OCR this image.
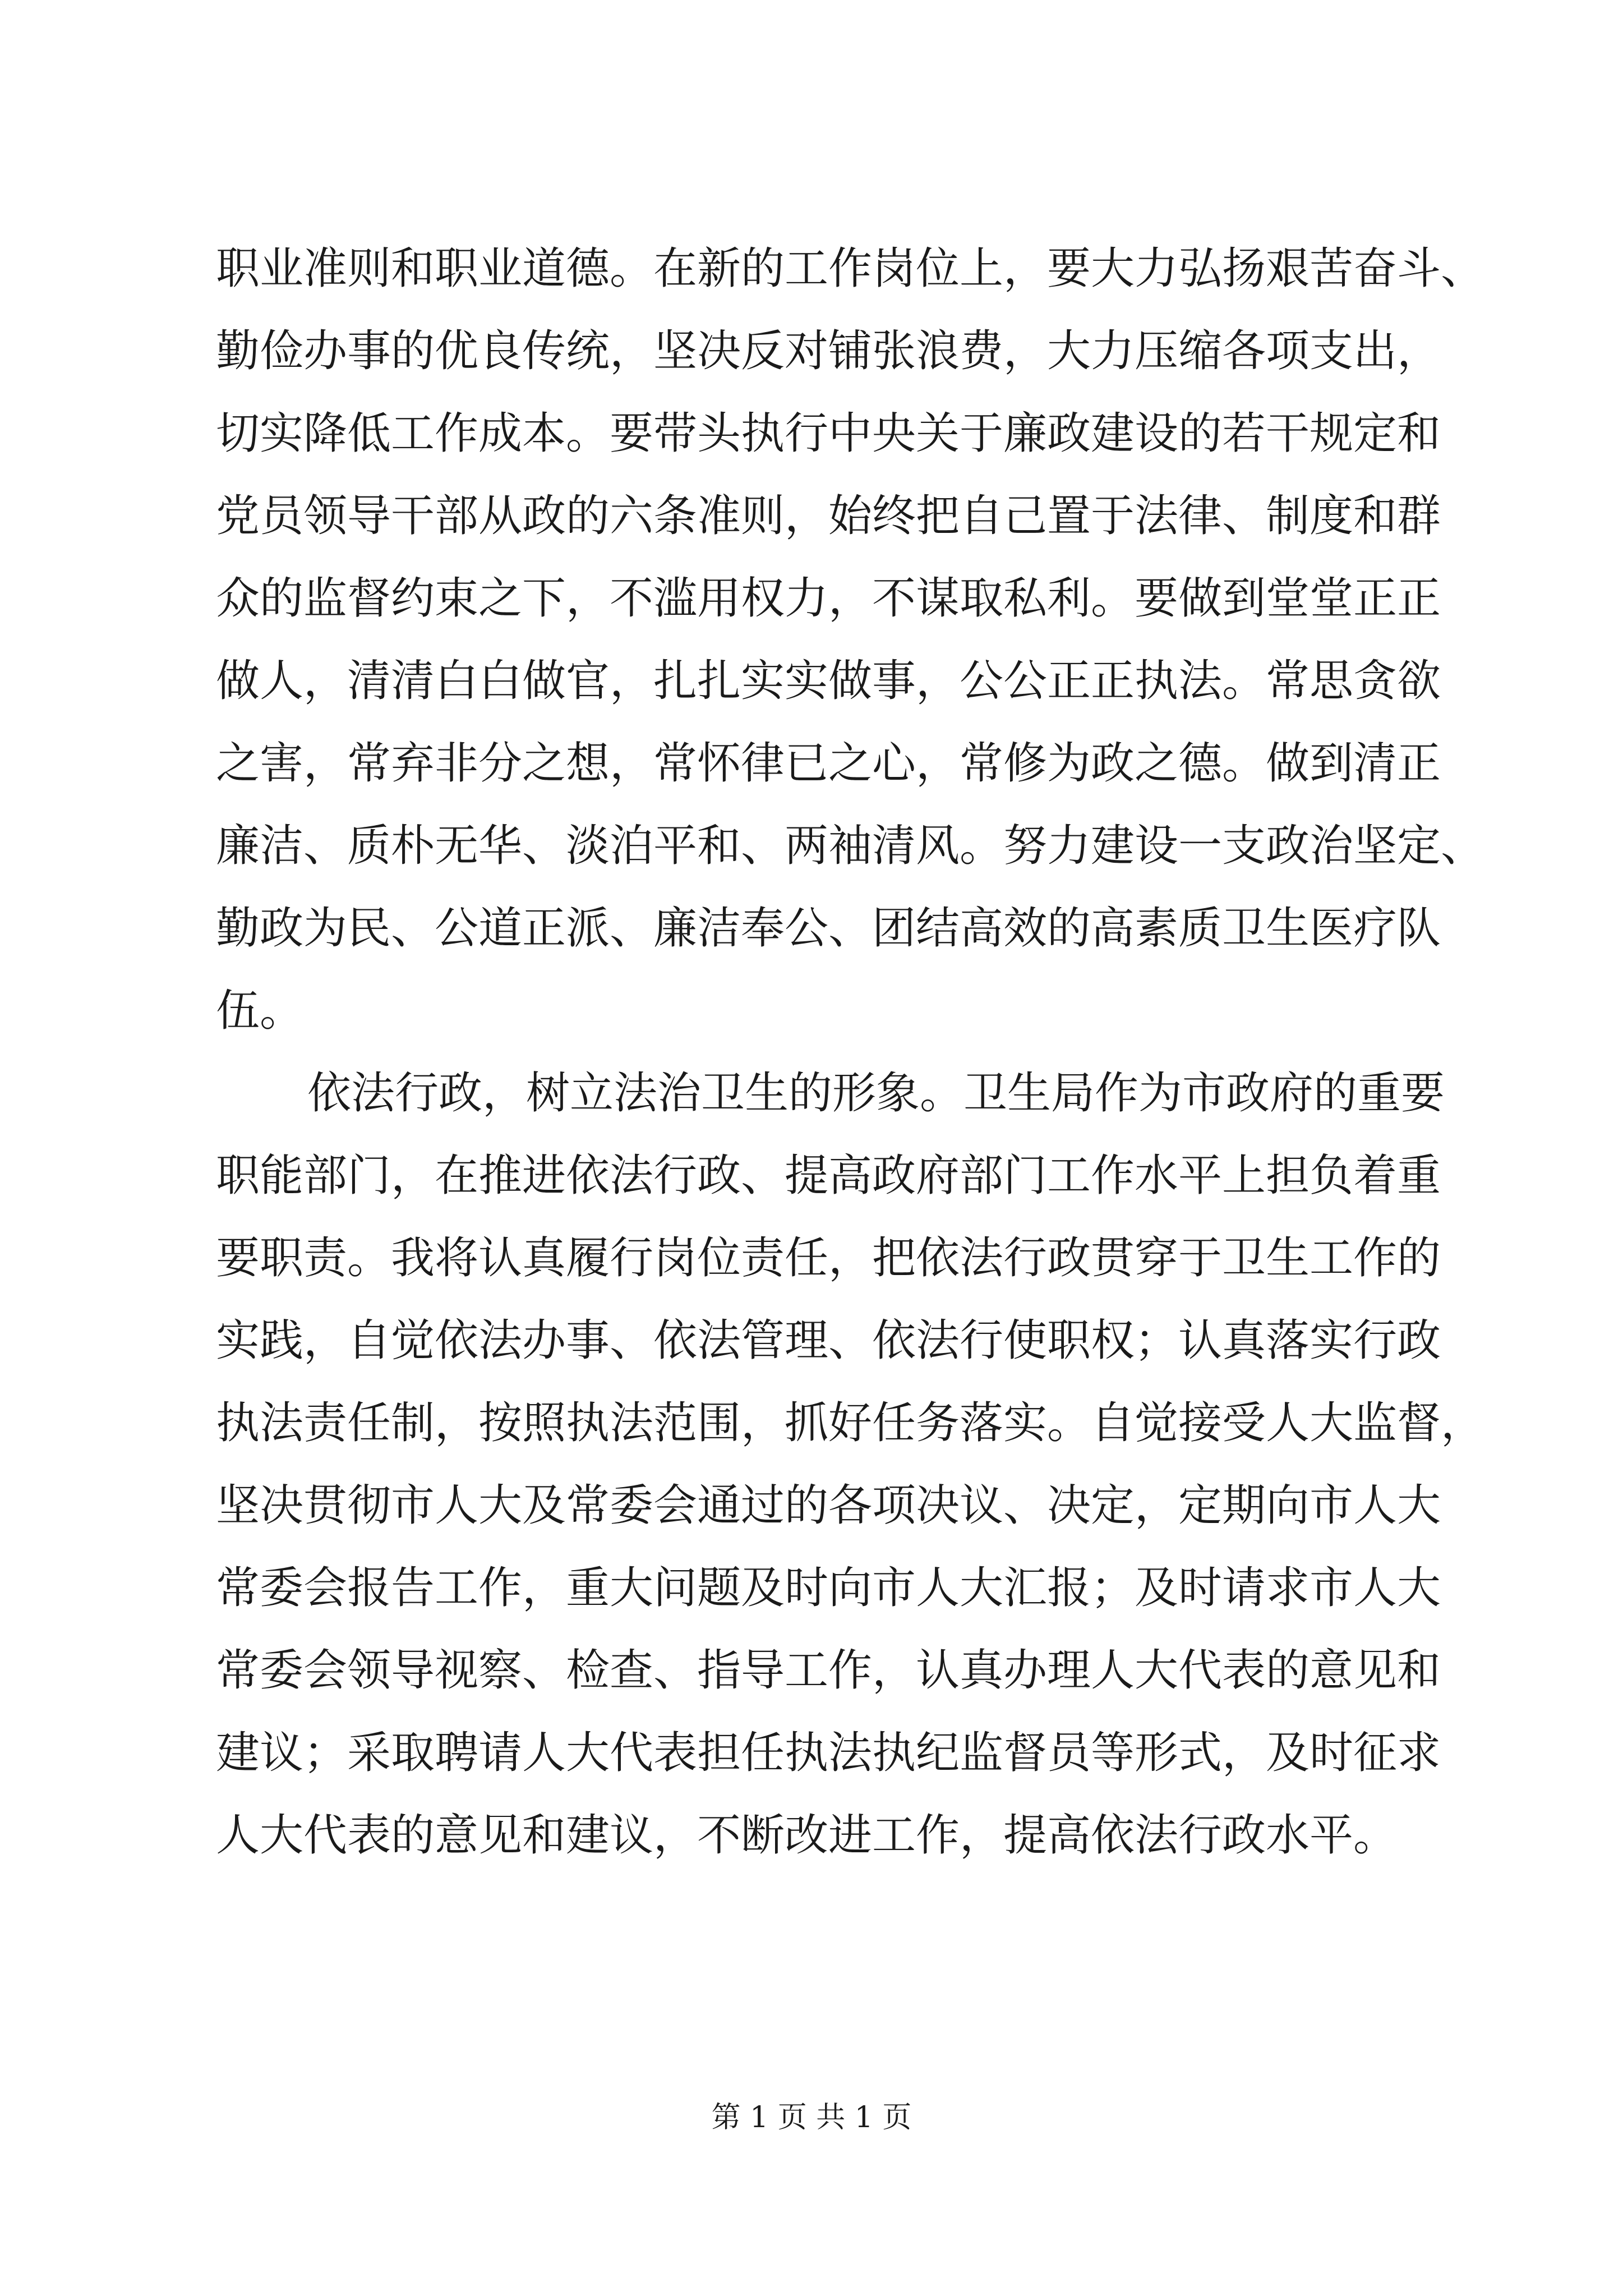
职业准则和职业道德。在新的工作岗位上，要大力弘扬艰苦奋斗、
勤俭办事的优良传统，坚决反对铺张浪费，大力压缩各项支出，
切实降低工作成本。要带头执行中央关于廉政建设的若干规定和
党员领导干部从政的六条准则，始终把自己置于法律、制度和群
众的监督约束之下，不滥用权力，不谋取私利。要做到堂堂正正
做人，清清白白做官，扎扎实实做事，公公正正执法。常思贪欲
之害，常弃非分之想，常怀律已之心，常修为政之德。做到清正
廉洁、质朴无华、淡泊平和、两袖清风。努力建设一支政治坚定、
勤政为民、公道正派、廉洁奉公、团结高效的高素质卫生医疗队
伍。
依法行政，树立法治卫生的形象。卫生局作为市政府的重要
职能部门，在推进依法行政、提高政府部门工作水平上担负着重
要职责。我将认真履行岗位责任，把依法行政贯穿于卫生工作的
实践，自觉依法办事、依法管理、依法行使职权；认真落实行政
执法责任制，按照执法范围，抓好任务落实。自觉接受人大监督，
坚决贯彻市人大及常委会通过的各项决议、决定，定期向市人大
常委会报告工作，重大问题及时向市人大汇报；及时请求市人大
常委会领导视察、检查、指导工作，认真办理人大代表的意见和
建议；采取聘请人大代表担任执法执纪监督员等形式，及时征求
人大代表的意见和建议，不断改进工作，提高依法行政水平。
第 1 页 共 1 页
